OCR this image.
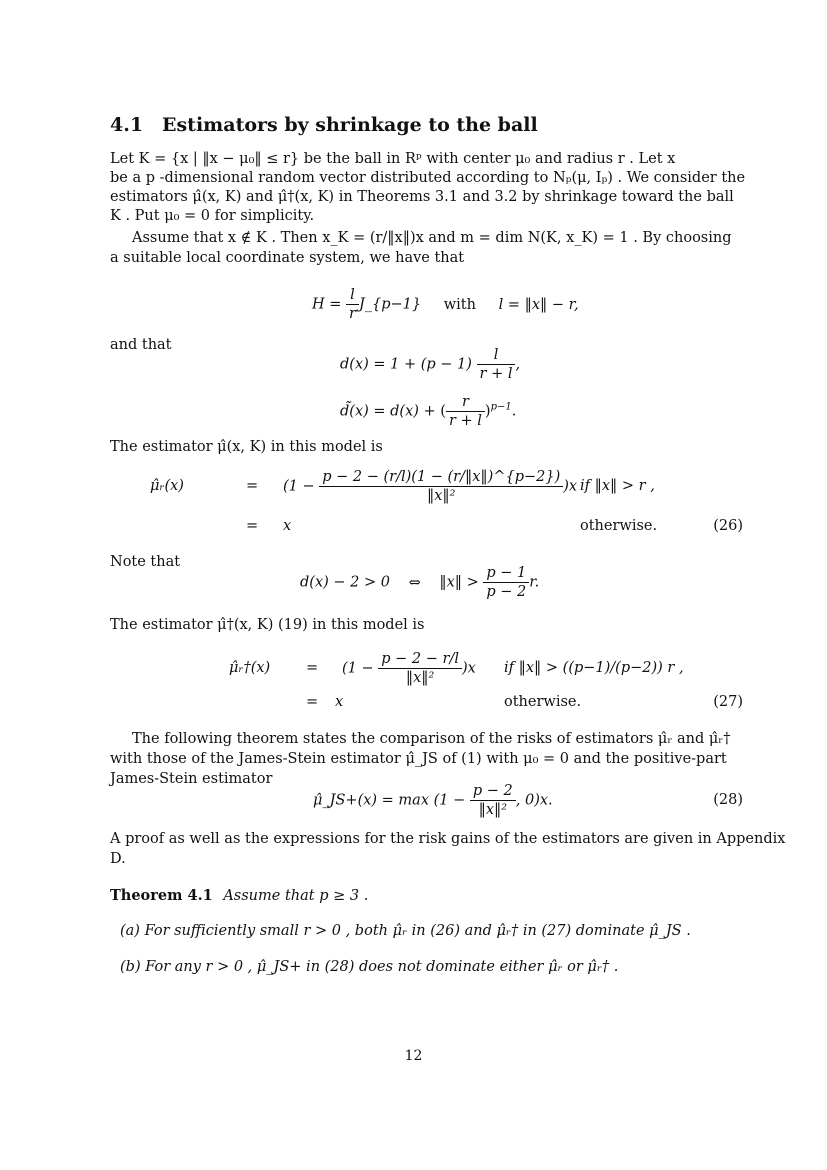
4.1 Estimators by shrinkage to the ball
Let K = {x | ‖x − μ₀‖ ≤ r} be the ball in Rᵖ with center μ₀ and radius r . Let x
be a p -dimensional random vector distributed according to Nₚ(μ, Iₚ) . We consider the
estimators μ̂(x, K) and μ̂†(x, K) in Theorems 3.1 and 3.2 by shrinkage toward the ball
K . Put μ₀ = 0 for simplicity.
Assume that x ∉ K . Then x_K = (r/‖x‖)x and m = dim N(K, x_K) = 1 . By choosing
a suitable local coordinate system, we have that
$H = \frac{l}{r}$ J_{p−1} with l = ‖x‖ − r,
and that
$d(x) = 1 + (p - 1) \frac{l}{r + l}$ ,
d̃(x) = d(x) + ( $\frac{r}{r + l} )^{p-1}$.
The estimator μ̂(x, K) in this model is
μ̂ᵣ(x)	= $(1 - \frac{p - 2 - (r/l)(1 - (r/‖x‖)\^{}\{p-2\})}{\text{‖x‖²}} )x$ if ‖x‖ > r ,
= x	otherwise.	(26)
Note that
d(x) − 2 > 0 ⇔ ‖x‖ > $\frac{p - 1}{p - 2} r$.
The estimator μ̂†(x, K) (19) in this model is
μ̂ᵣ†(x) = $(1 - \frac{p - 2 - r/l}{\text{‖x‖²}} )x$ if ‖x‖ > ((p−1)/(p−2)) r ,
= x	otherwise.	(27)
The following theorem states the comparison of the risks of estimators μ̂ᵣ and μ̂ᵣ†
with those of the James-Stein estimator μ̂_JS of (1) with μ₀ = 0 and the positive-part
James-Stein estimator
μ̂_JS+(x) = $\max (1 - \frac{p - 2}{\text{‖x‖²}}$ , 0)x.	(28)
A proof as well as the expressions for the risk gains of the estimators are given in Appendix
D.
Theorem 4.1 Assume that p ≥ 3 .
(a) For sufficiently small r > 0 , both μ̂ᵣ in (26) and μ̂ᵣ† in (27) dominate μ̂_JS .
(b) For any r > 0 , μ̂_JS+ in (28) does not dominate either μ̂ᵣ or μ̂ᵣ† .
12
